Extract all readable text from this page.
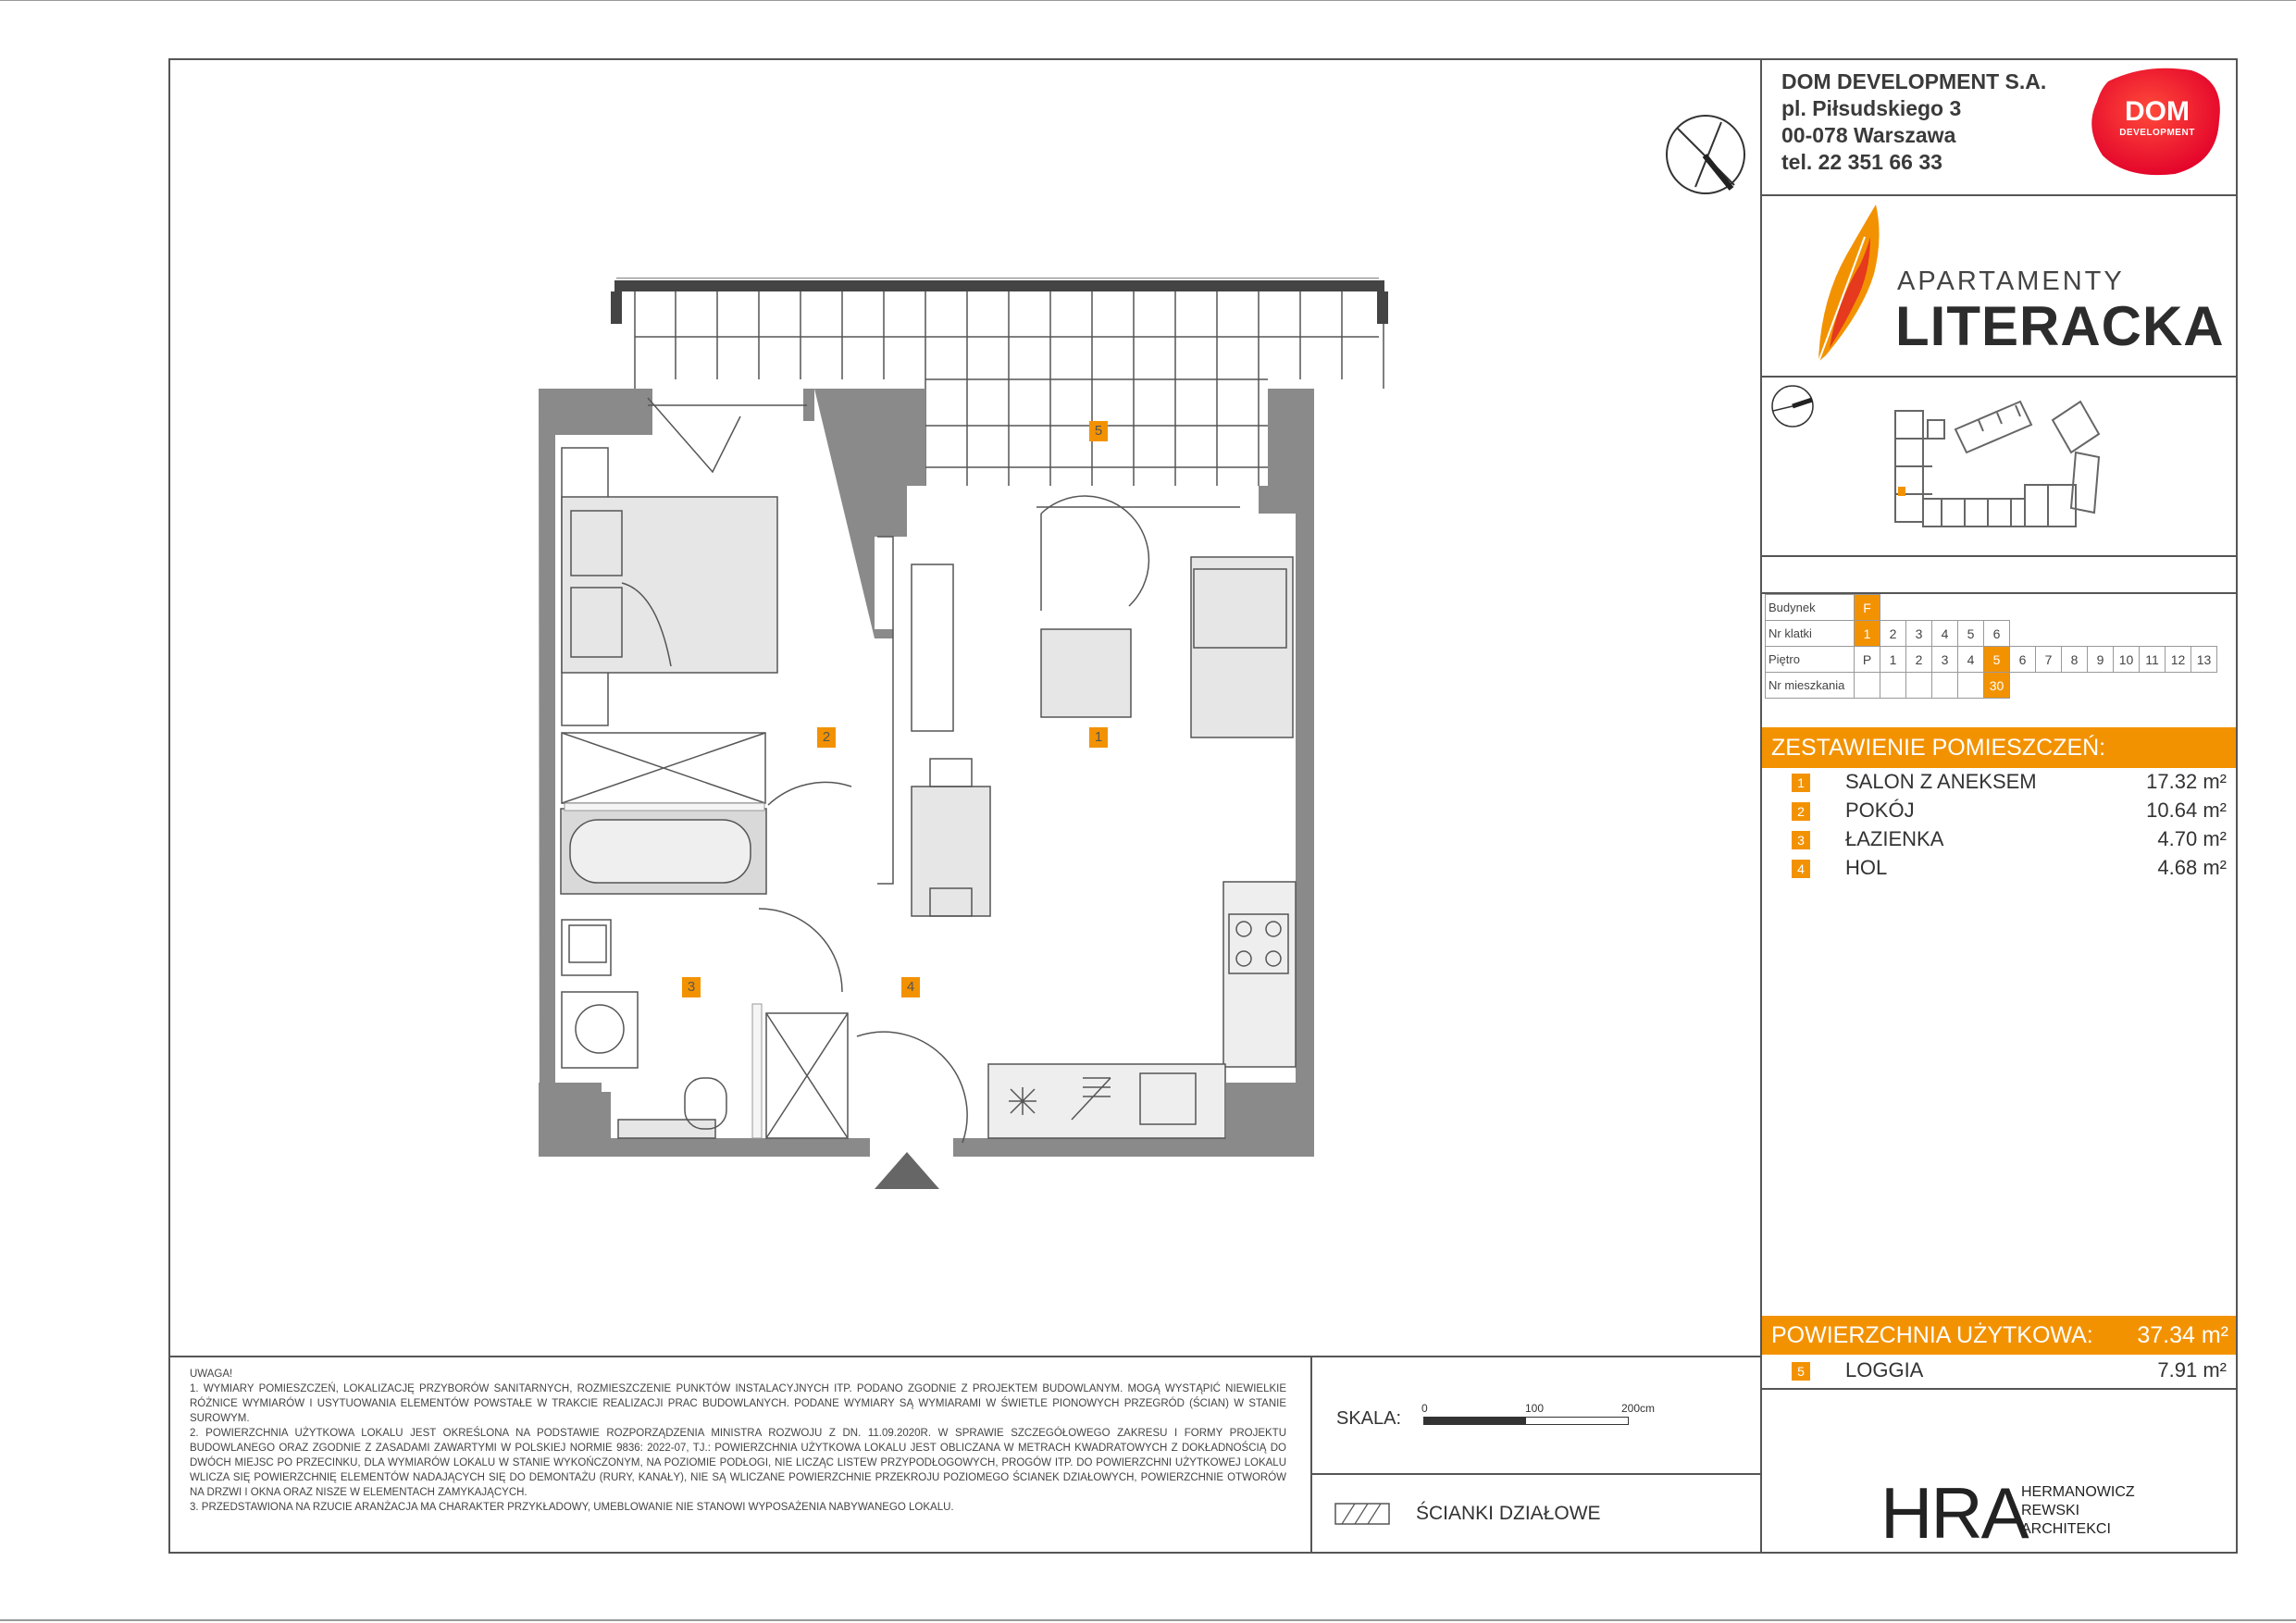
DOM DEVELOPMENT S.A.
pl. Piłsudskiego 3
00-078 Warszawa
tel. 22 351 66 33
DOM
DEVELOPMENT
APARTAMENTY
LITERACKA
Budynek	F													
Nr klatki	1	2	3	4	5	6								
Piętro	P	1	2	3	4	5	6	7	8	9	10	11	12	13
Nr mieszkania						30								
ZESTAWIENIE POMIESZCZEŃ:
1 SALON Z ANEKSEM	17.32 m²
2 POKÓJ	10.64 m²
3 ŁAZIENKA	4.70 m²
4 HOL	4.68 m²
POWIERZCHNIA UŻYTKOWA: 37.34 m²
5 LOGGIA	7.91 m²

UWAGA!

1. WYMIARY POMIESZCZEŃ, LOKALIZACJĘ PRZYBORÓW SANITARNYCH, ROZMIESZCZENIE PUNKTÓW INSTALACYJNYCH ITP. PODANO ZGODNIE Z PROJEKTEM BUDOWLANYM. MOGĄ WYSTĄPIĆ NIEWIELKIE RÓŻNICE WYMIARÓW I USYTUOWANIA ELEMENTÓW POWSTAŁE W TRAKCIE REALIZACJI PRAC BUDOWLANYCH. PODANE WYMIARY SĄ WYMIARAMI W ŚWIETLE PIONOWYCH PRZEGRÓD (ŚCIAN) W STANIE SUROWYM.

2. POWIERZCHNIA UŻYTKOWA LOKALU JEST OKREŚLONA NA PODSTAWIE ROZPORZĄDZENIA MINISTRA ROZWOJU Z DN. 11.09.2020R. W SPRAWIE SZCZEGÓŁOWEGO ZAKRESU I FORMY PROJEKTU BUDOWLANEGO ORAZ ZGODNIE Z ZASADAMI ZAWARTYMI W POLSKIEJ NORMIE 9836: 2022-07, TJ.: POWIERZCHNIA UŻYTKOWA LOKALU JEST OBLICZANA W METRACH KWADRATOWYCH Z DOKŁADNOŚCIĄ DO DWÓCH MIEJSC PO PRZECINKU, DLA WYMIARÓW LOKALU W STANIE WYKOŃCZONYM, NA POZIOMIE PODŁOGI, NIE LICZĄC LISTEW PRZYPODŁOGOWYCH, PROGÓW ITP. DO POWIERZCHNI UŻYTKOWEJ LOKALU WLICZA SIĘ POWIERZCHNIĘ ELEMENTÓW NADAJĄCYCH SIĘ DO DEMONTAŻU (RURY, KANAŁY), NIE SĄ WLICZANE POWIERZCHNIE PRZEKROJU POZIOMEGO ŚCIANEK DZIAŁOWYCH, POWIERZCHNIE OTWORÓW NA DRZWI I OKNA ORAZ NISZE W ELEMENTACH ZAMYKAJĄCYCH.

3. PRZEDSTAWIONA NA RZUCIE ARANŻACJA MA CHARAKTER PRZYKŁADOWY, UMEBLOWANIE NIE STANOWI WYPOSAŻENIA NABYWANEGO LOKALU.

SKALA: 0	100	200cm
ŚCIANKI DZIAŁOWE	HRA
HERMANOWICZ
REWSKI
ARCHITEKCI
5
1
2
3	4
